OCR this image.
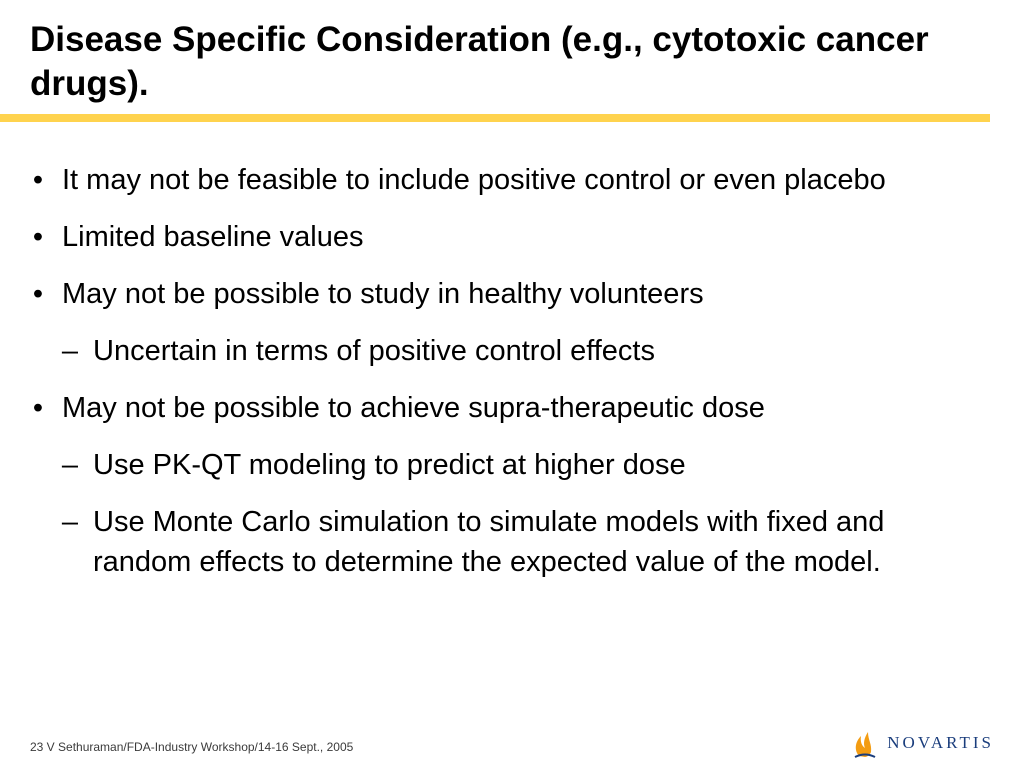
Disease Specific Consideration (e.g., cytotoxic cancer drugs).
• It may not be feasible to include positive control or even placebo
• Limited baseline values
• May not be possible to study in healthy volunteers
– Uncertain in terms of positive control effects
• May not be possible to achieve supra-therapeutic dose
– Use PK-QT modeling to predict at higher dose
– Use Monte Carlo simulation to simulate models with fixed and random effects to determine the expected value of the model.
23 V Sethuraman/FDA-Industry Workshop/14-16 Sept., 2005	NOVARTIS
